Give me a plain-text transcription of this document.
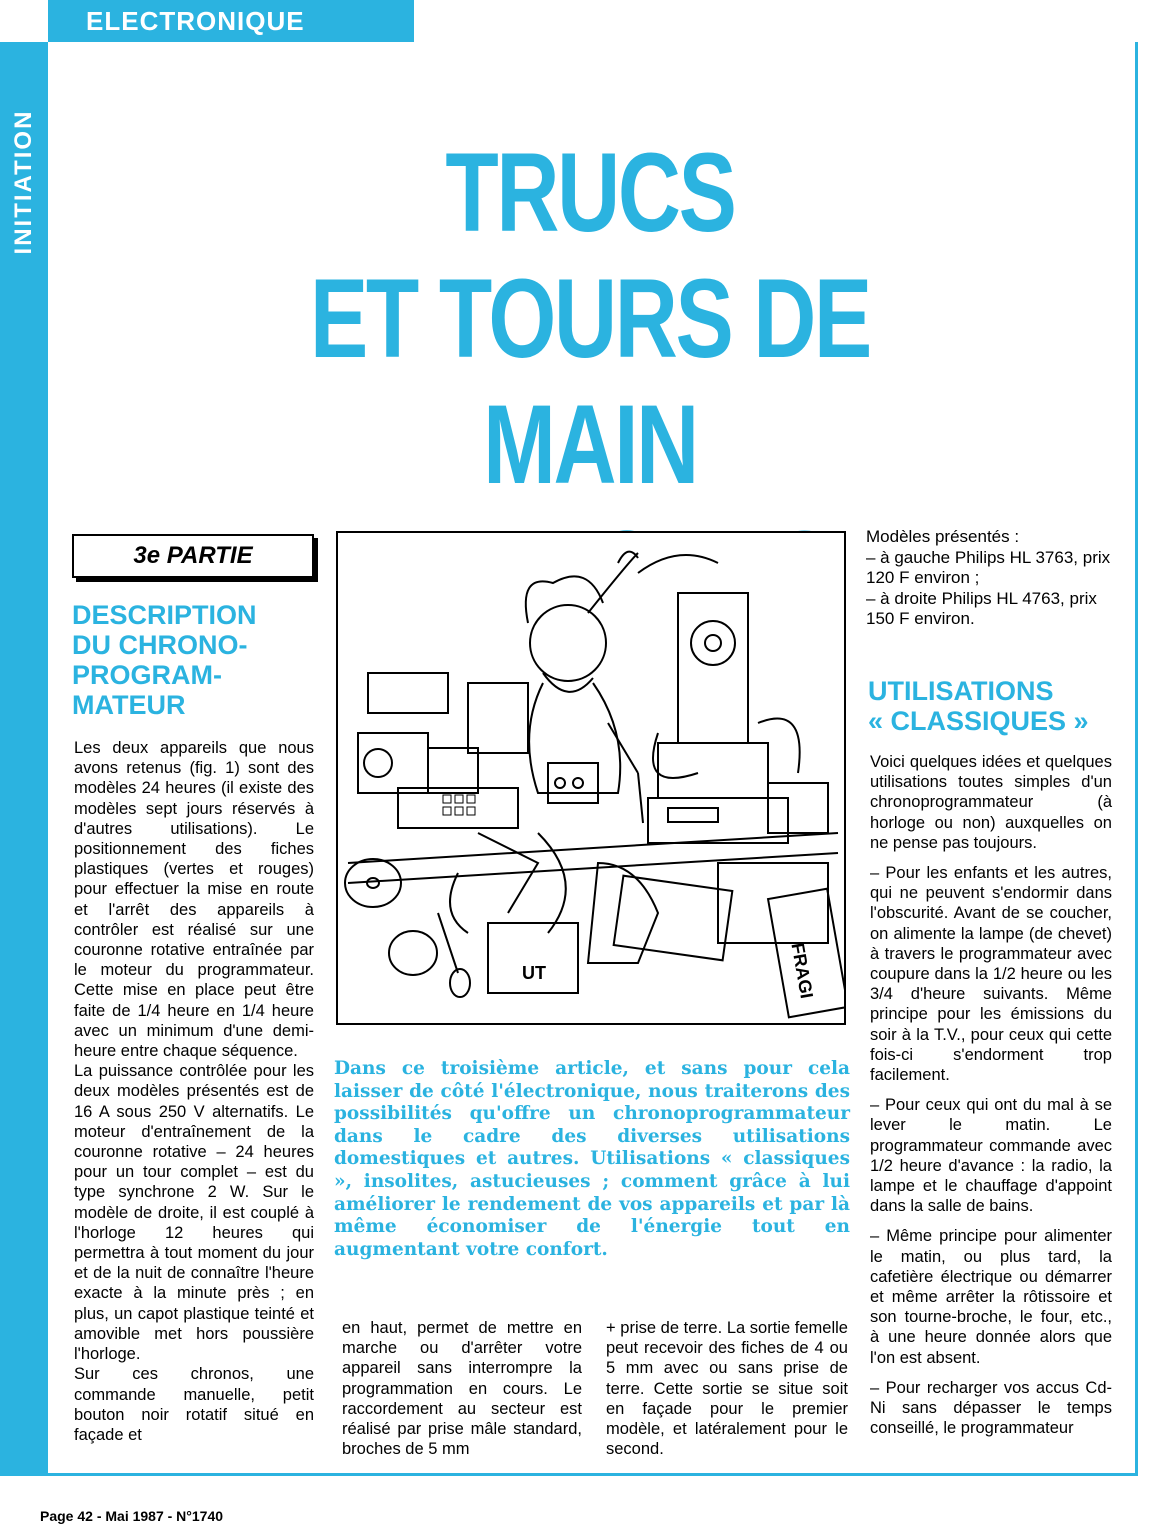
ELECTRONIQUE
INITIATION	TRUCS
ET TOURS DE MAIN
3e PARTIE
DESCRIPTION
DU CHRONO-
PROGRAM-
MATEUR

Les deux appareils que nous avons retenus (fig. 1) sont des modèles 24 heures (il existe des modèles sept jours réservés à d'autres utilisations). Le positionnement des fiches plastiques (vertes et rouges) pour effectuer la mise en route et l'arrêt des appareils à contrôler est réalisé sur une couronne rotative entraînée par le moteur du programmateur. Cette mise en place peut être faite de 1/4 heure en 1/4 heure avec un minimum d'une demi-heure entre chaque séquence.

La puissance contrôlée pour les deux modèles présentés est de 16 A sous 250 V alternatifs. Le moteur d'entraînement de la couronne rotative – 24 heures pour un tour complet – est du type synchrone 2 W. Sur le modèle de droite, il est couplé à l'horloge 12 heures qui permettra à tout moment du jour et de la nuit de connaître l'heure exacte à la minute près ; en plus, un capot plastique teinté et amovible met hors poussière l'horloge.

Sur ces chronos, une commande manuelle, petit bouton noir rotatif situé en façade et

UT	FRAGI

Modèles présentés :

– à gauche Philips HL 3763, prix 120 F environ ;

– à droite Philips HL 4763, prix 150 F environ.

UTILISATIONS
« CLASSIQUES »

Voici quelques idées et quelques utilisations toutes simples d'un chronoprogrammateur (à horloge ou non) auxquelles on ne pense pas toujours.

– Pour les enfants et les autres, qui ne peuvent s'endormir dans l'obscurité. Avant de se coucher, on alimente la lampe (de chevet) à travers le programmateur avec coupure dans la 1/2 heure ou les 3/4 d'heure suivants. Même principe pour les émissions du soir à la T.V., pour ceux qui cette fois-ci s'endorment trop facilement.

– Pour ceux qui ont du mal à se lever le matin. Le programmateur commande avec 1/2 heure d'avance : la radio, la lampe et le chauffage d'appoint dans la salle de bains.

– Même principe pour alimenter le matin, ou plus tard, la cafetière électrique ou démarrer et même arrêter la rôtissoire et son tourne-broche, le four, etc., à une heure donnée alors que l'on est absent.

– Pour recharger vos accus Cd-Ni sans dépasser le temps conseillé, le programmateur

Dans ce troisième article, et sans pour cela laisser de côté l'électronique, nous traiterons des possibilités qu'offre un chronoprogrammateur dans le cadre des diverses utilisations domestiques et autres. Utilisations « classiques », insolites, astucieuses ; comment grâce à lui améliorer le rendement de vos appareils et par là même économiser de l'énergie tout en augmentant votre confort.
en haut, permet de mettre en marche ou d'arrêter votre appareil sans interrompre la programmation en cours. Le raccordement au secteur est réalisé par prise mâle standard, broches de 5 mm
+ prise de terre. La sortie femelle peut recevoir des fiches de 4 ou 5 mm avec ou sans prise de terre. Cette sortie se situe soit en façade pour le premier modèle, et latéralement pour le second.
Page 42 - Mai 1987 - N°1740
